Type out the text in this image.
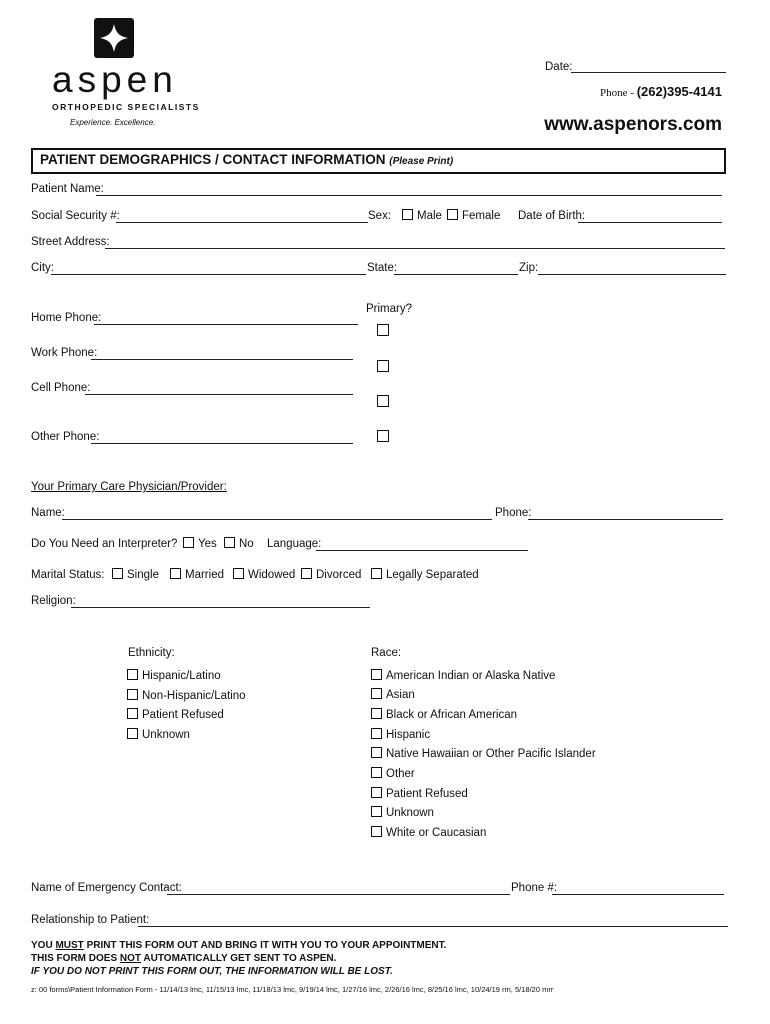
aspen
ORTHOPEDIC SPECIALISTS
Experience. Excellence.
Date:
Phone - (262)395-4141
www.aspenors.com
PATIENT DEMOGRAPHICS / CONTACT INFORMATION (Please Print)
Patient Name:
Social Security #:	Sex:	Male	Female Date of Birth:
Street Address:
City:	State:	Zip:
Primary?
Home Phone:
Work Phone:
Cell Phone:
Other Phone:
Your Primary Care Physician/Provider:
Name:	Phone:
Do You Need an Interpreter?	Yes	No Language:
Marital Status:	Single	Married	Widowed	Divorced	Legally Separated
Religion:
Ethnicity:
Hispanic/Latino
Non-Hispanic/Latino
Patient Refused
Unknown
Race:
American Indian or Alaska Native
Asian
Black or African American
Hispanic
Native Hawaiian or Other Pacific Islander
Other
Patient Refused
Unknown
White or Caucasian
Name of Emergency Contact:	Phone #:
Relationship to Patient:
YOU MUST PRINT THIS FORM OUT AND BRING IT WITH YOU TO YOUR APPOINTMENT.
THIS FORM DOES NOT AUTOMATICALLY GET SENT TO ASPEN.
IF YOU DO NOT PRINT THIS FORM OUT, THE INFORMATION WILL BE LOST.
z: 00 forms\Patient Information Form - 11/14/13 lmc, 11/15/13 lmc, 11/18/13 lmc, 9/19/14 lmc, 1/27/16 lmc, 2/26/16 lmc, 8/25/16 lmc, 10/24/19 rm, 5/18/20 mrr
